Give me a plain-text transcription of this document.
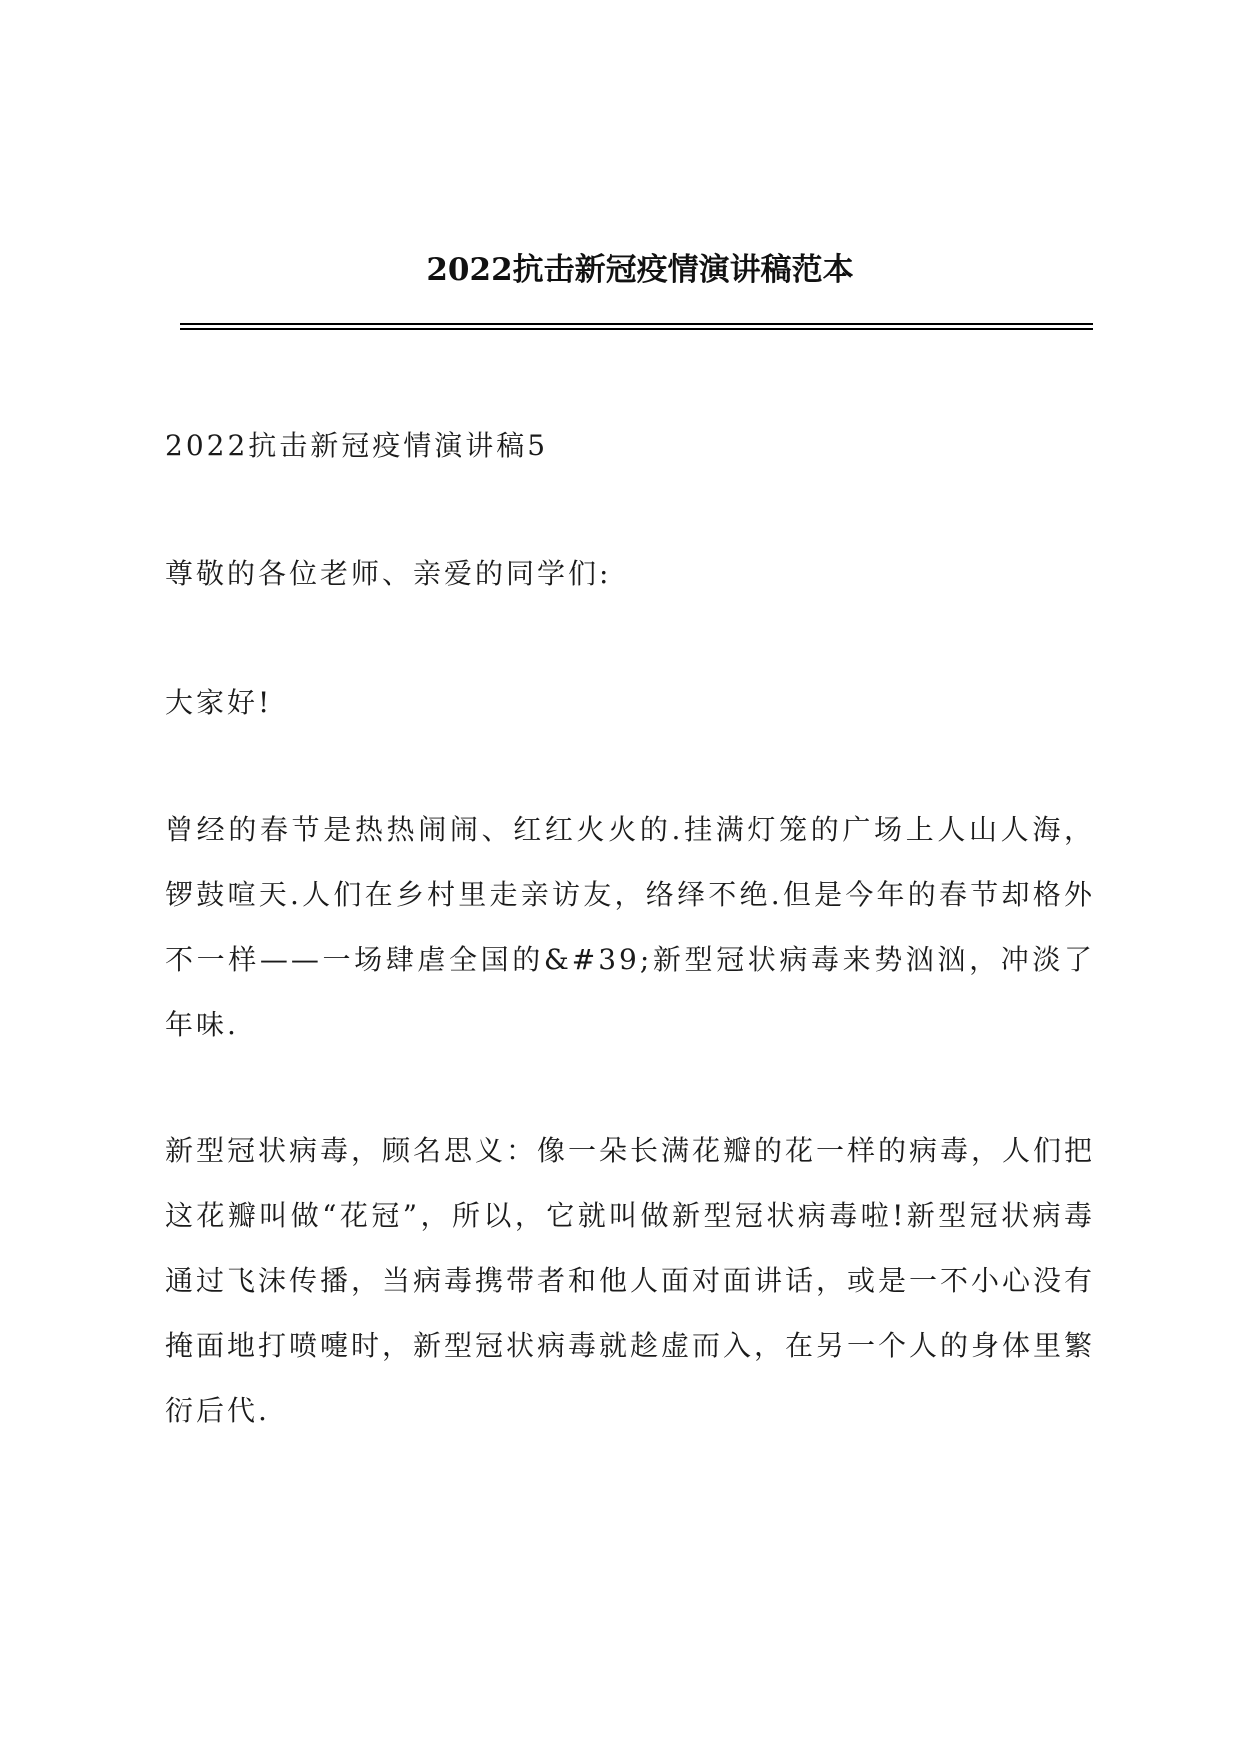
2022抗击新冠疫情演讲稿范本
2022抗击新冠疫情演讲稿5
尊敬的各位老师、亲爱的同学们:
大家好!
曾经的春节是热热闹闹、红红火火的.挂满灯笼的广场上人山人海，锣鼓喧天.人们在乡村里走亲访友，络绎不绝.但是今年的春节却格外不一样——一场肆虐全国的&#39;新型冠状病毒来势汹汹，冲淡了年味.
新型冠状病毒，顾名思义：像一朵长满花瓣的花一样的病毒，人们把这花瓣叫做“花冠”，所以，它就叫做新型冠状病毒啦!新型冠状病毒通过飞沫传播，当病毒携带者和他人面对面讲话，或是一不小心没有掩面地打喷嚏时，新型冠状病毒就趁虚而入，在另一个人的身体里繁衍后代.
